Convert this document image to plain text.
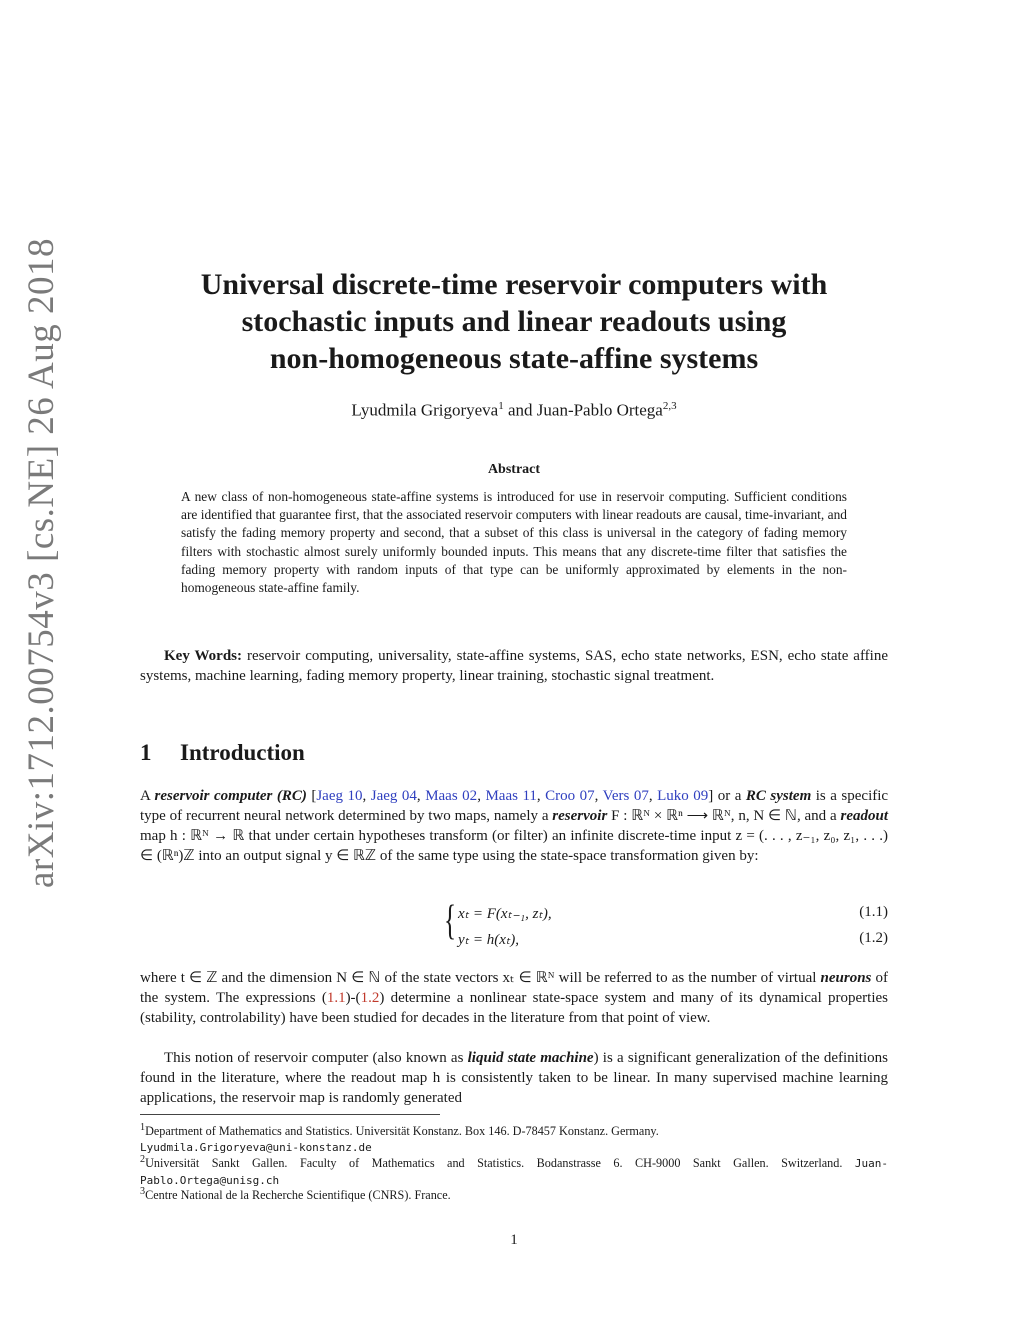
arXiv:1712.00754v3 [cs.NE] 26 Aug 2018	Universal discrete-time reservoir computers with
stochastic inputs and linear readouts using
non-homogeneous state-affine systems
Lyudmila Grigoryeva$^1$ and Juan-Pablo Ortega$^{2,3}$
Abstract
A new class of non-homogeneous state-affine systems is introduced for use in reservoir computing. Sufficient conditions are identified that guarantee first, that the associated reservoir computers with linear readouts are causal, time-invariant, and satisfy the fading memory property and second, that a subset of this class is universal in the category of fading memory filters with stochastic almost surely uniformly bounded inputs. This means that any discrete-time filter that satisfies the fading memory property with random inputs of that type can be uniformly approximated by elements in the non-homogeneous state-affine family.
Key Words: reservoir computing, universality, state-affine systems, SAS, echo state networks, ESN, echo state affine systems, machine learning, fading memory property, linear training, stochastic signal treatment.
1 Introduction
A reservoir computer (RC) [Jaeg 10, Jaeg 04, Maas 02, Maas 11, Croo 07, Vers 07, Luko 09] or a RC system is a specific type of recurrent neural network determined by two maps, namely a reservoir F : ℝᴺ × ℝⁿ ⟶ ℝᴺ, n, N ∈ ℕ, and a readout map h : ℝᴺ → ℝ that under certain hypotheses transform (or filter) an infinite discrete-time input z = (. . . , z₋₁, z₀, z₁, . . .) ∈ (ℝⁿ)ℤ into an output signal y ∈ ℝℤ of the same type using the state-space transformation given by:
{ xₜ = F(xₜ₋₁, zₜ),	(1.1)
yₜ = h(xₜ),	(1.2)
where t ∈ ℤ and the dimension N ∈ ℕ of the state vectors xₜ ∈ ℝᴺ will be referred to as the number of virtual neurons of the system. The expressions (1.1)-(1.2) determine a nonlinear state-space system and many of its dynamical properties (stability, controlability) have been studied for decades in the literature from that point of view.
This notion of reservoir computer (also known as liquid state machine) is a significant generalization of the definitions found in the literature, where the readout map h is consistently taken to be linear. In many supervised machine learning applications, the reservoir map is randomly generated
$^1$Department of Mathematics and Statistics. Universität Konstanz. Box 146. D-78457 Konstanz. Germany.
Lyudmila.Grigoryeva@uni-konstanz.de
$^2$Universität Sankt Gallen. Faculty of Mathematics and Statistics. Bodanstrasse 6. CH-9000 Sankt Gallen. Switzerland. Juan-Pablo.Ortega@unisg.ch
$^3$Centre National de la Recherche Scientifique (CNRS). France.
1
